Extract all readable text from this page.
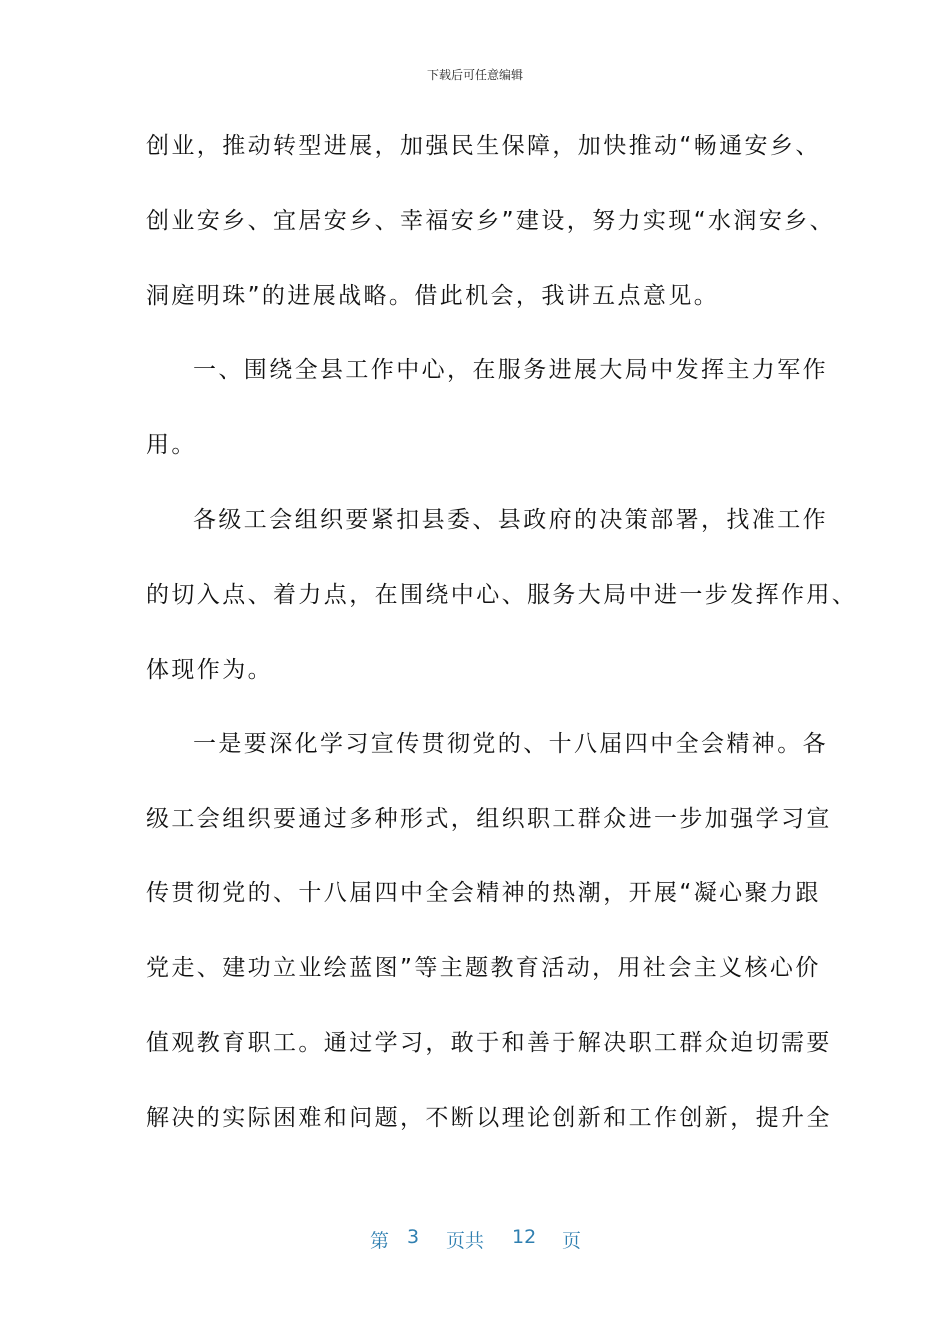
下载后可任意编辑
创业，推动转型进展，加强民生保障，加快推动“畅通安乡、
创业安乡、宜居安乡、幸福安乡”建设，努力实现“水润安乡、
洞庭明珠”的进展战略。借此机会，我讲五点意见。
一、围绕全县工作中心，在服务进展大局中发挥主力军作
用。
各级工会组织要紧扣县委、县政府的决策部署，找准工作
的切入点、着力点，在围绕中心、服务大局中进一步发挥作用、
体现作为。
一是要深化学习宣传贯彻党的、十八届四中全会精神。各
级工会组织要通过多种形式，组织职工群众进一步加强学习宣
传贯彻党的、十八届四中全会精神的热潮，开展“凝心聚力跟
党走、建功立业绘蓝图”等主题教育活动，用社会主义核心价
值观教育职工。通过学习，敢于和善于解决职工群众迫切需要
解决的实际困难和问题，不断以理论创新和工作创新，提升全
第 3 页共 12 页
